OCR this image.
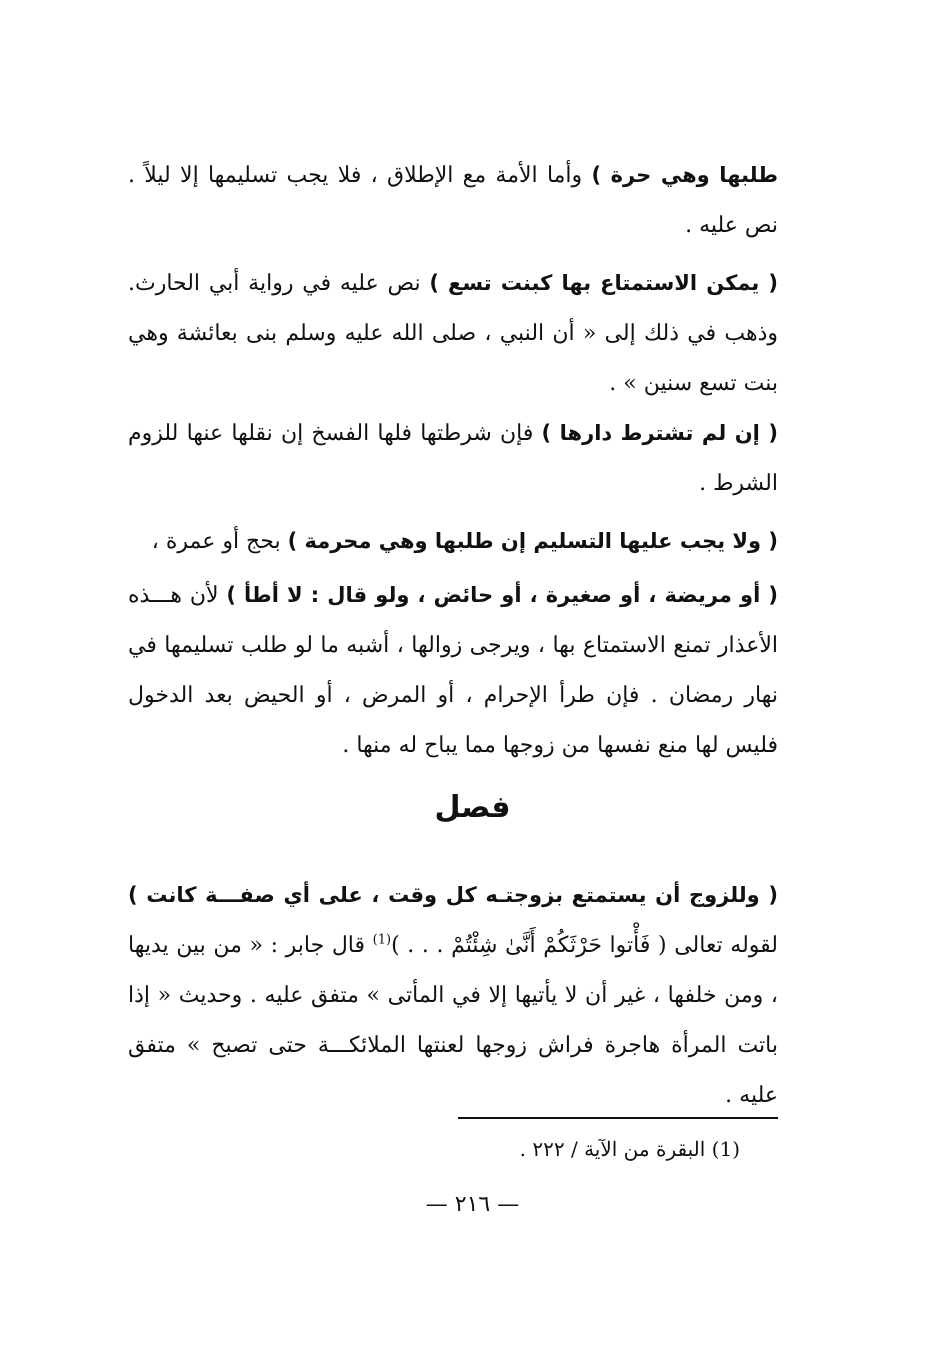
طلبها وهي حرة ) وأما الأمة مع الإطلاق ، فلا يجب تسليمها إلا ليلاً . نص عليه .

( يمكن الاستمتاع بها كبنت تسع ) نص عليه في رواية أبي الحارث. وذهب في ذلك إلى « أن النبي ، صلى الله عليه وسلم بنى بعائشة وهي بنت تسع سنين » .

( إن لم تشترط دارها ) فإن شرطتها فلها الفسخ إن نقلها عنها للزوم الشرط .

( ولا يجب عليها التسليم إن طلبها وهي محرمة ) بحج أو عمرة ،

( أو مريضة ، أو صغيرة ، أو حائض ، ولو قال : لا أطأ ) لأن هـــذه الأعذار تمنع الاستمتاع بها ، ويرجى زوالها ، أشبه ما لو طلب تسليمها في نهار رمضان . فإن طرأ الإحرام ، أو المرض ، أو الحيض بعد الدخول فليس لها منع نفسها من زوجها مما يباح له منها .

فصل

( وللزوج أن يستمتع بزوجتـه كل وقت ، على أي صفـــة كانت ) لقوله تعالى ( فَأْتوا حَرْثَكُمْ أَنَّىٰ شِئْتُمْ . . . )$^{(1)}$ قال جابر : « من بين يديها ، ومن خلفها ، غير أن لا يأتيها إلا في المأتى » متفق عليه . وحديث « إذا باتت المرأة هاجرة فراش زوجها لعنتها الملائكـــة حتى تصبح » متفق عليه .

(1) البقرة من الآية / ٢٢٢ .
— ٢١٦ —
